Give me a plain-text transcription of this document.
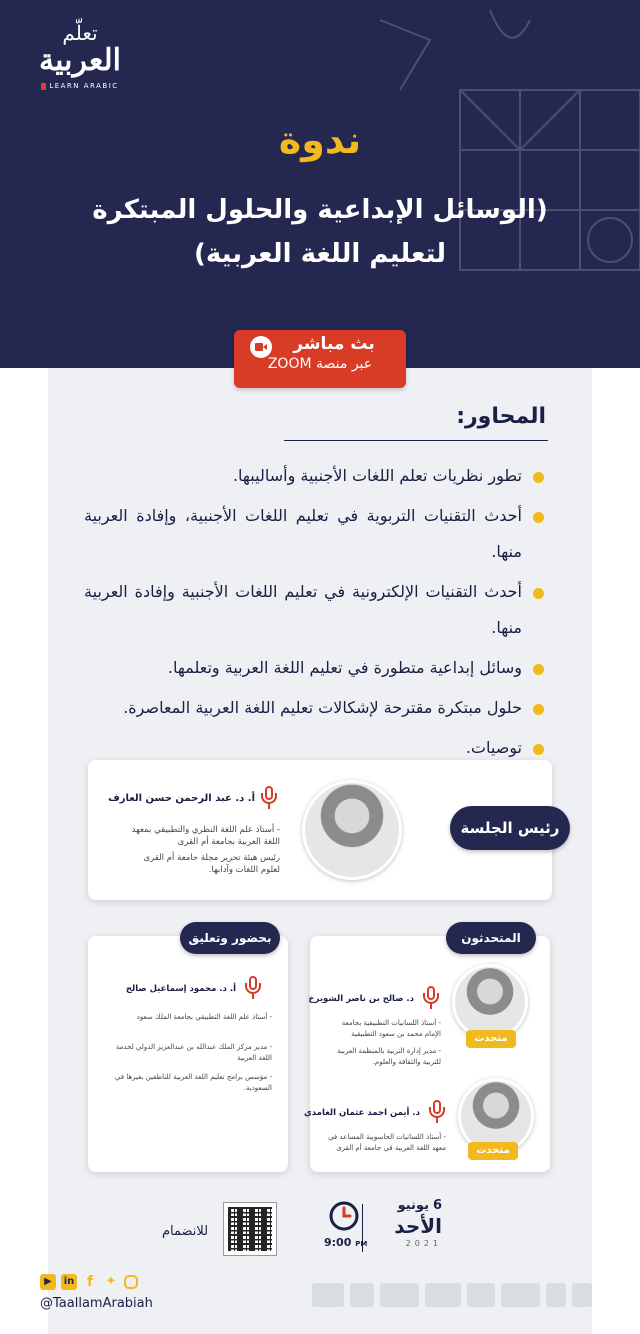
تعلّم
العربية
LEARN ARABIC
ندوة
(الوسائل الإبداعية والحلول المبتكرة
لتعليم اللغة العربية)
بث مباشر
عبر منصة ZOOM
المحاور:
تطور نظريات تعلم اللغات الأجنبية وأساليبها.
أحدث التقنيات التربوية في تعليم اللغات الأجنبية، وإفادة العربية منها.
أحدث التقنيات الإلكترونية في تعليم اللغات الأجنبية وإفادة العربية منها.
وسائل إبداعية متطورة في تعليم اللغة العربية وتعلمها.
حلول مبتكرة مقترحة لإشكالات تعليم اللغة العربية المعاصرة.
توصيات.
أ. د. عبد الرحمن حسن العارف
- أستاذ علم اللغة النظري والتطبيقي بمعهد اللغة العربية بجامعة أم القرى
رئيس هيئة تحرير مجلة جامعة أم القرى لعلوم اللغات وآدابها.
رئيس الجلسة
المتحدثون
متحدث
د. صالح بن ناصر الشويرخ
- أستاذ اللسانيات التطبيقية بجامعة الإمام محمد بن سعود التطبيقية
- مدير إدارة التربية بالمنظمة العربية للتربية والثقافة والعلوم.
متحدث
د. أيمن احمد عثمان الغامدي
- أستاذ اللسانيات الحاسوبية المساعد في معهد اللغة العربية في جامعة أم القرى
بحضور وتعليق
أ. د. محمود إسماعيل صالح
- أستاذ علم اللغة التطبيقي بجامعة الملك سعود
- مدير مركز الملك عبدالله بن عبدالعزيز الدولي لخدمة اللغة العربية
- مؤسس برامج تعليم اللغة العربية للناطقين بغيرها في السعودية.
6
يونيو
الأحد
2021
9:00 PM
للانضمام
▶	in f ✦
@TaallamArabiah
